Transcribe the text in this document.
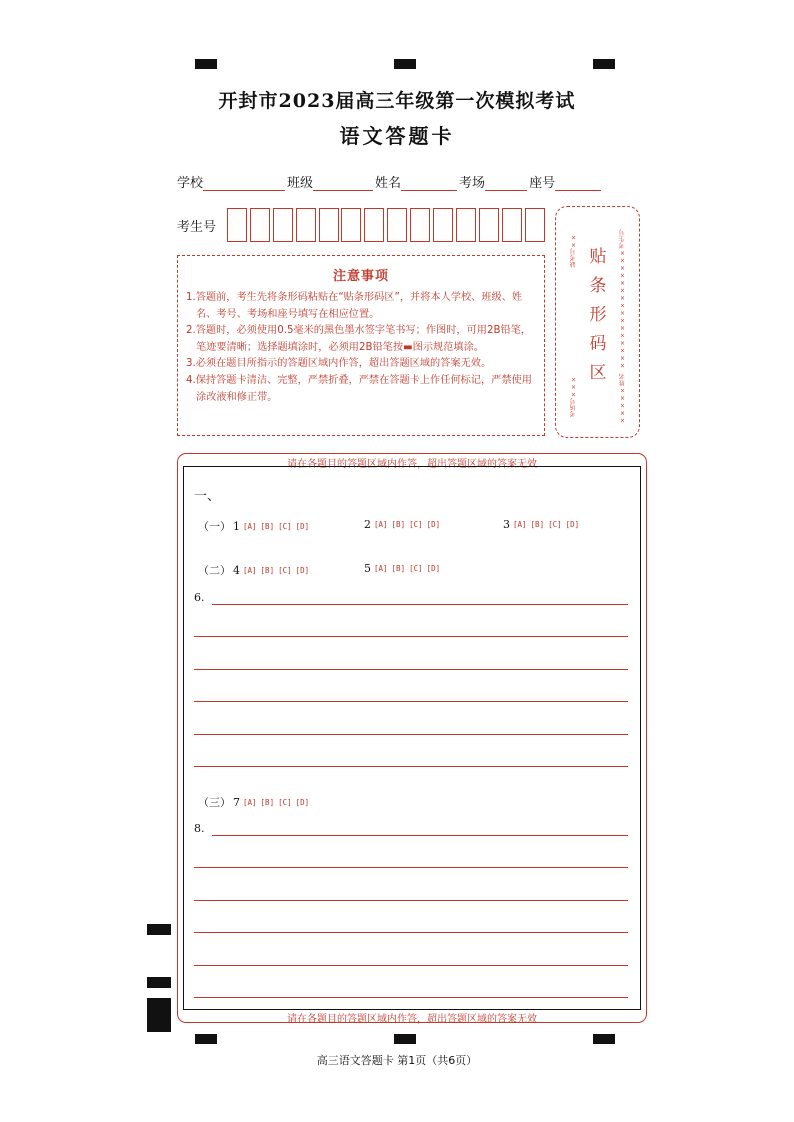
开封市2023届高三年级第一次模拟考试
语文答题卡
学校	班级	姓名	考场	座号
考生号
注意事项
1.答题前，考生先将条形码粘贴在“贴条形码区”，并将本人学校、班级、姓名、考号、考场和座号填写在相应位置。
2.答题时，必须使用0.5毫米的黑色墨水签字笔书写；作图时，可用2B铅笔，笔迹要清晰；选择题填涂时，必须用2B铅笔按▬图示规范填涂。
3.必须在题目所指示的答题区域内作答，超出答题区域的答案无效。
4.保持答题卡清洁、完整，严禁折叠，严禁在答题卡上作任何标记，严禁使用涂改液和修正带。
缺考号××
考场号×××
××××××××××××××××考生号
×××××姓名
贴
条
形
码
区
请在各题目的答题区域内作答，超出答题区域的答案无效
请在各题目的答题区域内作答，超出答题区域的答案无效
一、
（一） 1 [A] [B] [C] [D]	2 [A] [B] [C] [D]	3 [A] [B] [C] [D]
（二） 4 [A] [B] [C] [D]	5 [A] [B] [C] [D]
6.
（三） 7 [A] [B] [C] [D]
8.
高三语文答题卡 第1页（共6页）
